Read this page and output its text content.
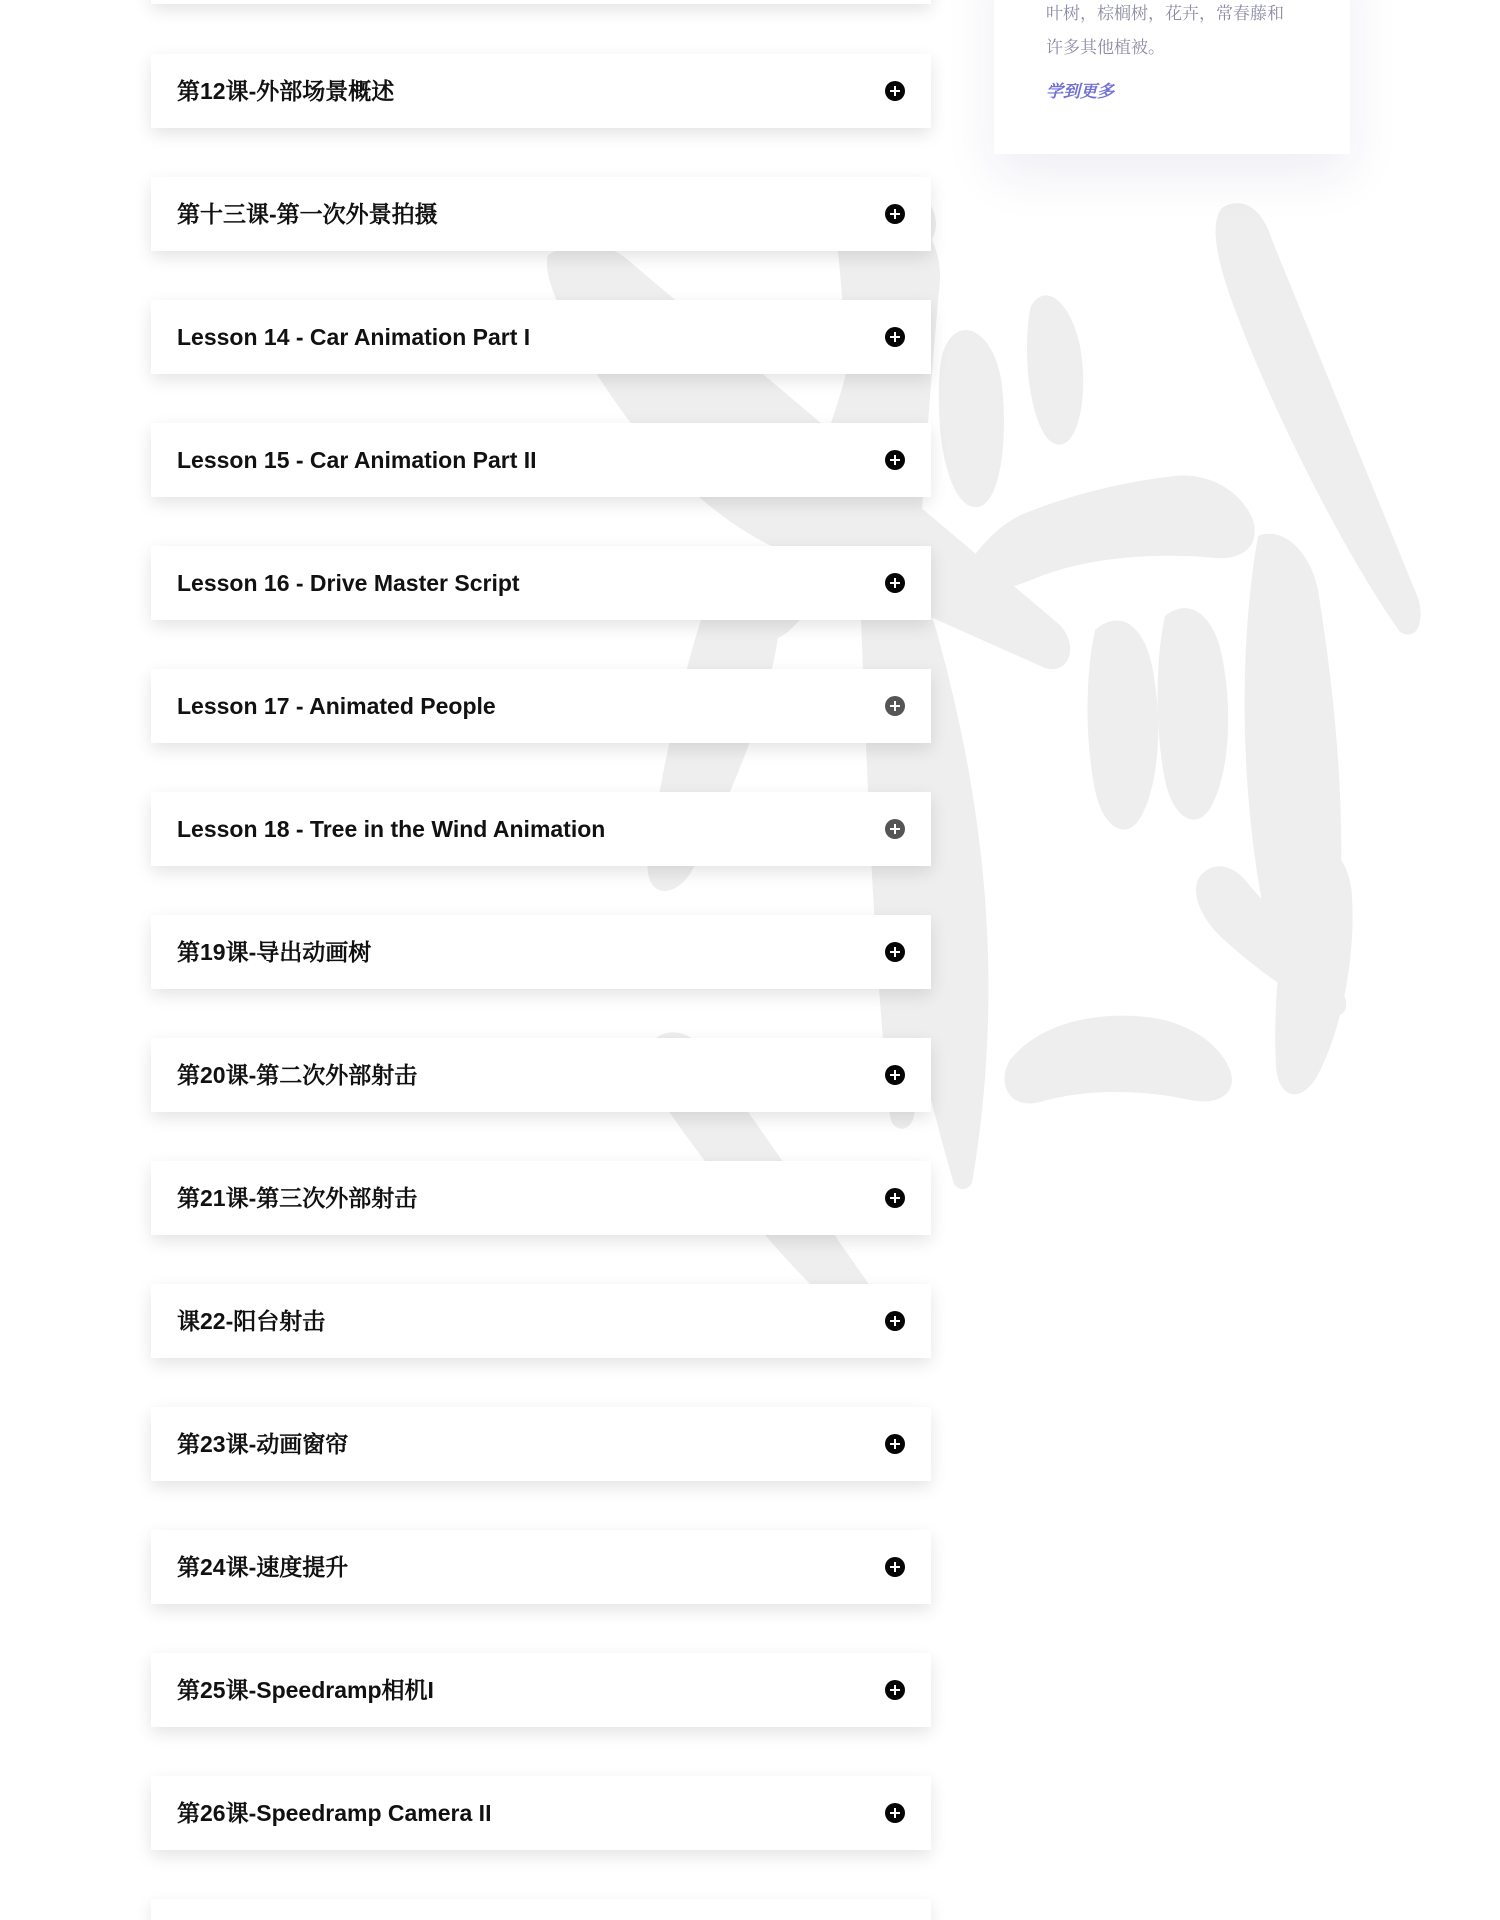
叶树，棕榈树，花卉，常春藤和
许多其他植被。

学到更多
第12课-外部场景概述
第十三课-第一次外景拍摄
Lesson 14 - Car Animation Part I
Lesson 15 - Car Animation Part II
Lesson 16 - Drive Master Script
Lesson 17 - Animated People
Lesson 18 - Tree in the Wind Animation
第19课-导出动画树
第20课-第二次外部射击
第21课-第三次外部射击
课22-阳台射击
第23课-动画窗帘
第24课-速度提升
第25课-Speedramp相机I
第26课-Speedramp Camera II
